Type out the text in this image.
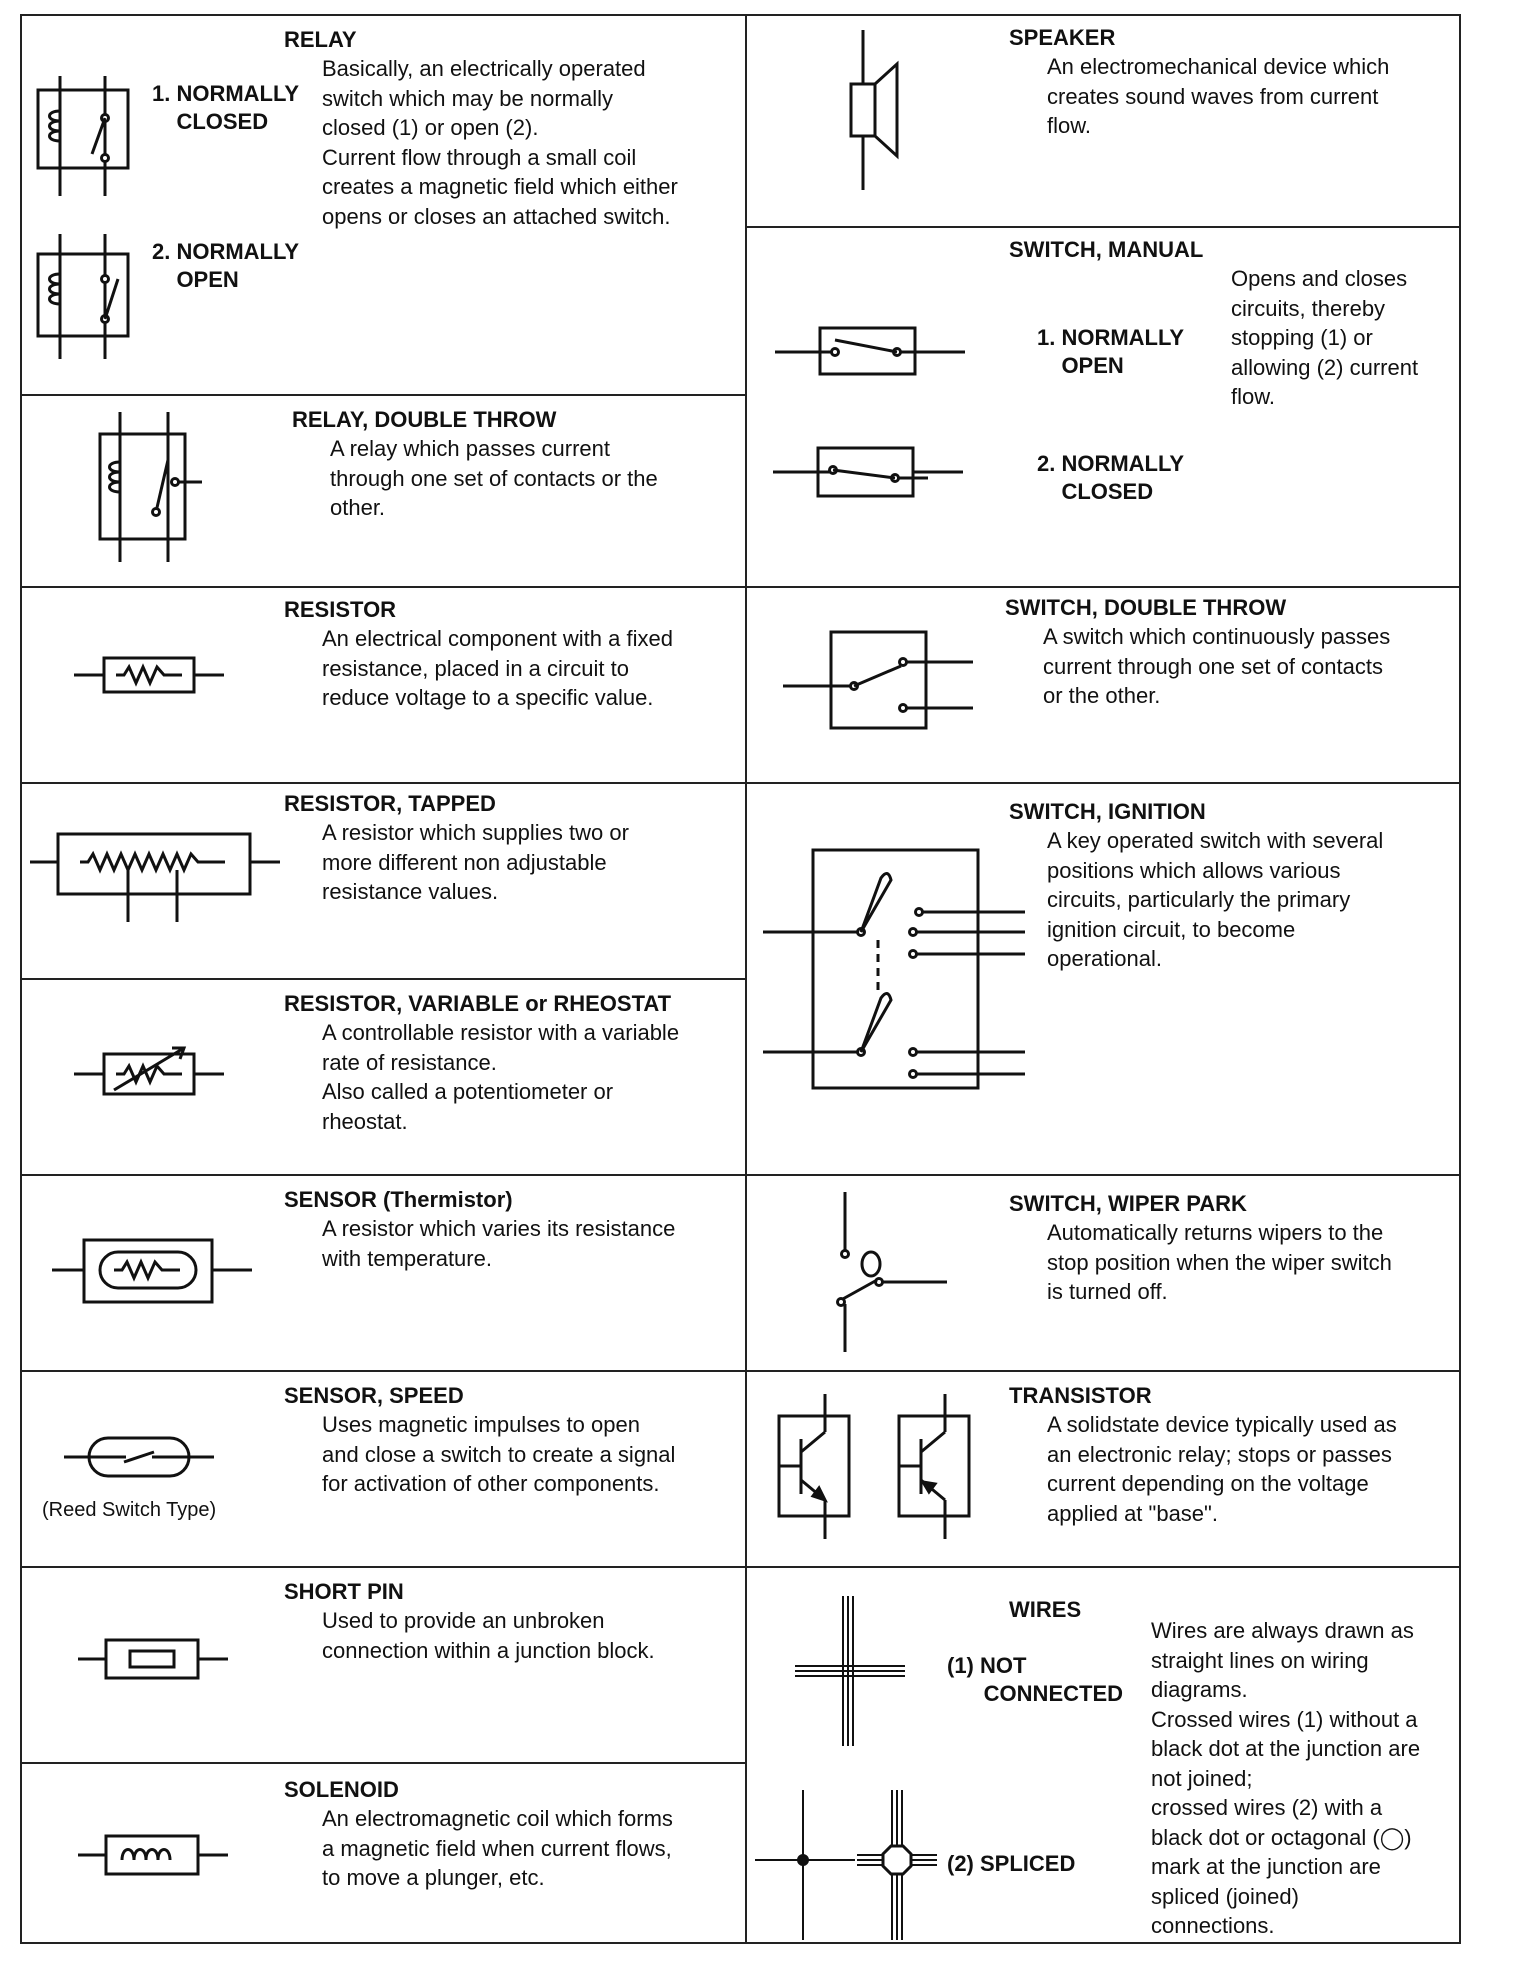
RELAY
1. NORMALLY
CLOSED
2. NORMALLY
OPEN
Basically, an electrically operated
switch which may be normally
closed (1) or open (2).
Current flow through a small coil
creates a magnetic field which either
opens or closes an attached switch.
RELAY, DOUBLE THROW
A relay which passes current
through one set of contacts or the
other.
RESISTOR
An electrical component with a fixed
resistance, placed in a circuit to
reduce voltage to a specific value.
RESISTOR, TAPPED
A resistor which supplies two or
more different non adjustable
resistance values.
RESISTOR, VARIABLE or RHEOSTAT
A controllable resistor with a variable
rate of resistance.
Also called a potentiometer or
rheostat.
SENSOR (Thermistor)
A resistor which varies its resistance
with temperature.
(Reed Switch Type)
SENSOR, SPEED
Uses magnetic impulses to open
and close a switch to create a signal
for activation of other components.
SHORT PIN
Used to provide an unbroken
connection within a junction block.
SOLENOID
An electromagnetic coil which forms
a magnetic field when current flows,
to move a plunger, etc.
SPEAKER
An electromechanical device which
creates sound waves from current
flow.
SWITCH, MANUAL
1. NORMALLY
OPEN
2. NORMALLY
CLOSED
Opens and closes
circuits, thereby
stopping (1) or
allowing (2) current
flow.
SWITCH, DOUBLE THROW
A switch which continuously passes
current through one set of contacts
or the other.
SWITCH, IGNITION
A key operated switch with several
positions which allows various
circuits, particularly the primary
ignition circuit, to become
operational.
SWITCH, WIPER PARK
Automatically returns wipers to the
stop position when the wiper switch
is turned off.
TRANSISTOR
A solidstate device typically used as
an electronic relay; stops or passes
current depending on the voltage
applied at "base".
WIRES
(1) NOT
CONNECTED
(2) SPLICED
Wires are always drawn as
straight lines on wiring
diagrams.
Crossed wires (1) without a
black dot at the junction are
not joined;
crossed wires (2) with a
black dot or octagonal (◯)
mark at the junction are
spliced (joined)
connections.
